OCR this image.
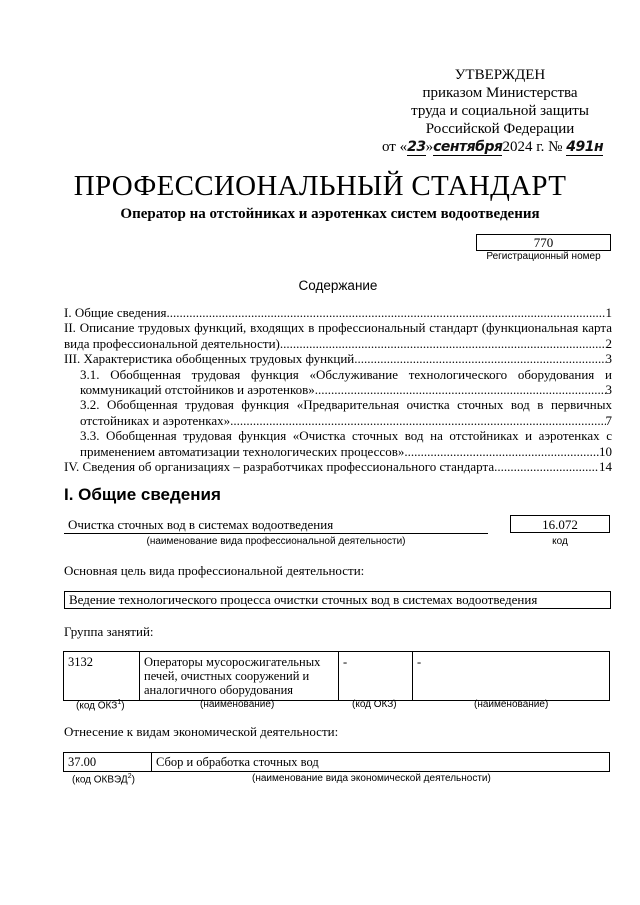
УТВЕРЖДЕН
приказом Министерства
труда и социальной защиты
Российской Федерации
от «23»сентября2024 г. № 491н
ПРОФЕССИОНАЛЬНЫЙ СТАНДАРТ
Оператор на отстойниках и аэротенках систем водоотведения
770
Регистрационный номер
Содержание
I. Общие сведения .....	1
II. Описание трудовых функций, входящих в профессиональный стандарт (функциональная карта
вида профессиональной деятельности) .....	2
III. Характеристика обобщенных трудовых функций .....	3
3.1. Обобщенная трудовая функция «Обслуживание технологического оборудования и
коммуникаций отстойников и аэротенков» .....	3
3.2. Обобщенная трудовая функция «Предварительная очистка сточных вод в первичных
отстойниках и аэротенках» .....	7
3.3. Обобщенная трудовая функция «Очистка сточных вод на отстойниках и аэротенках с
применением автоматизации технологических процессов» .....	10
IV. Сведения об организациях – разработчиках профессионального стандарта .....	14
I. Общие сведения
Очистка сточных вод в системах водоотведения
(наименование вида профессиональной деятельности)
16.072
код
Основная цель вида профессиональной деятельности:
Ведение технологического процесса очистки сточных вод в системах водоотведения
Группа занятий:
3132	Операторы мусоросжигательных печей, очистных сооружений и аналогичного оборудования	-	-
(код ОКЗ$^1$)	(наименование)	(код ОКЗ)	(наименование)
Отнесение к видам экономической деятельности:
37.00	Сбор и обработка сточных вод
(код ОКВЭД$^2$)	(наименование вида экономической деятельности)
